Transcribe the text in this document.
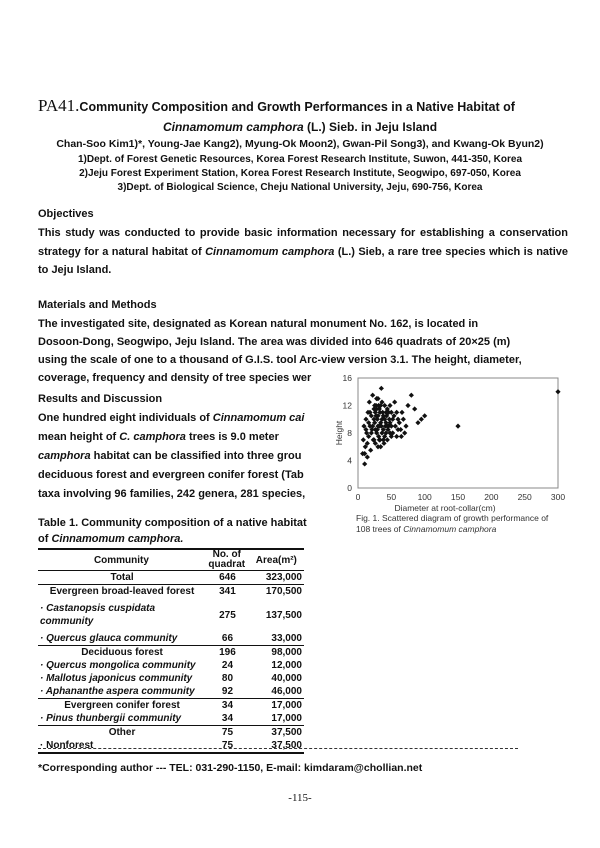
PA41.Community Composition and Growth Performances in a Native Habitat of
Cinnamomum camphora (L.) Sieb. in Jeju Island
Chan-Soo Kim1)*, Young-Jae Kang2), Myung-Ok Moon2), Gwan-Pil Song3), and Kwang-Ok Byun2)
1)Dept. of Forest Genetic Resources, Korea Forest Research Institute, Suwon, 441-350, Korea
2)Jeju Forest Experiment Station, Korea Forest Research Institute, Seogwipo, 697-050, Korea
3)Dept. of Biological Science, Cheju National University, Jeju, 690-756, Korea
Objectives
This study was conducted to provide basic information necessary for establishing a conservation strategy for a natural habitat of Cinnamomum camphora (L.) Sieb, a rare tree species which is native to Jeju Island.
Materials and Methods
The investigated site, designated as Korean natural monument No. 162, is located in
Dosoon-Dong, Seogwipo, Jeju Island. The area was divided into 646 quadrats of 20×25 (m)
using the scale of one to a thousand of G.I.S. tool Arc-view version 3.1. The height, diameter,
coverage, frequency and density of tree species wer
Results and Discussion
One hundred eight individuals of Cinnamomum cai
mean height of C. camphora trees is 9.0 meter
camphora habitat can be classified into three grou
deciduous forest and evergreen conifer forest (Tab
taxa involving 96 families, 242 genera, 281 species,
Table 1. Community composition of a native habitat
of Cinnamomum camphora.
Community	No. of quadrat	Area(m²)
Total	646	323,000
Evergreen broad-leaved forest	341	170,500
· Castanopsis cuspidata community	275	137,500
· Quercus glauca community	66	33,000
Deciduous forest	196	98,000
· Quercus mongolica community	24	12,000
· Mallotus japonicus community	80	40,000
· Aphananthe aspera community	92	46,000
Evergreen conifer forest	34	17,000
· Pinus thunbergii community	34	17,000
Other	75	37,500
· Nonforest	75	37,500
0
4
8
12
16
0	50	100 150 200 250 300
Height
Diameter at root-collar(cm)
Fig. 1. Scattered diagram of growth performance of 108 trees of Cinnamomum camphora
*Corresponding author --- TEL: 031-290-1150, E-mail: kimdaram@chollian.net
-115-
